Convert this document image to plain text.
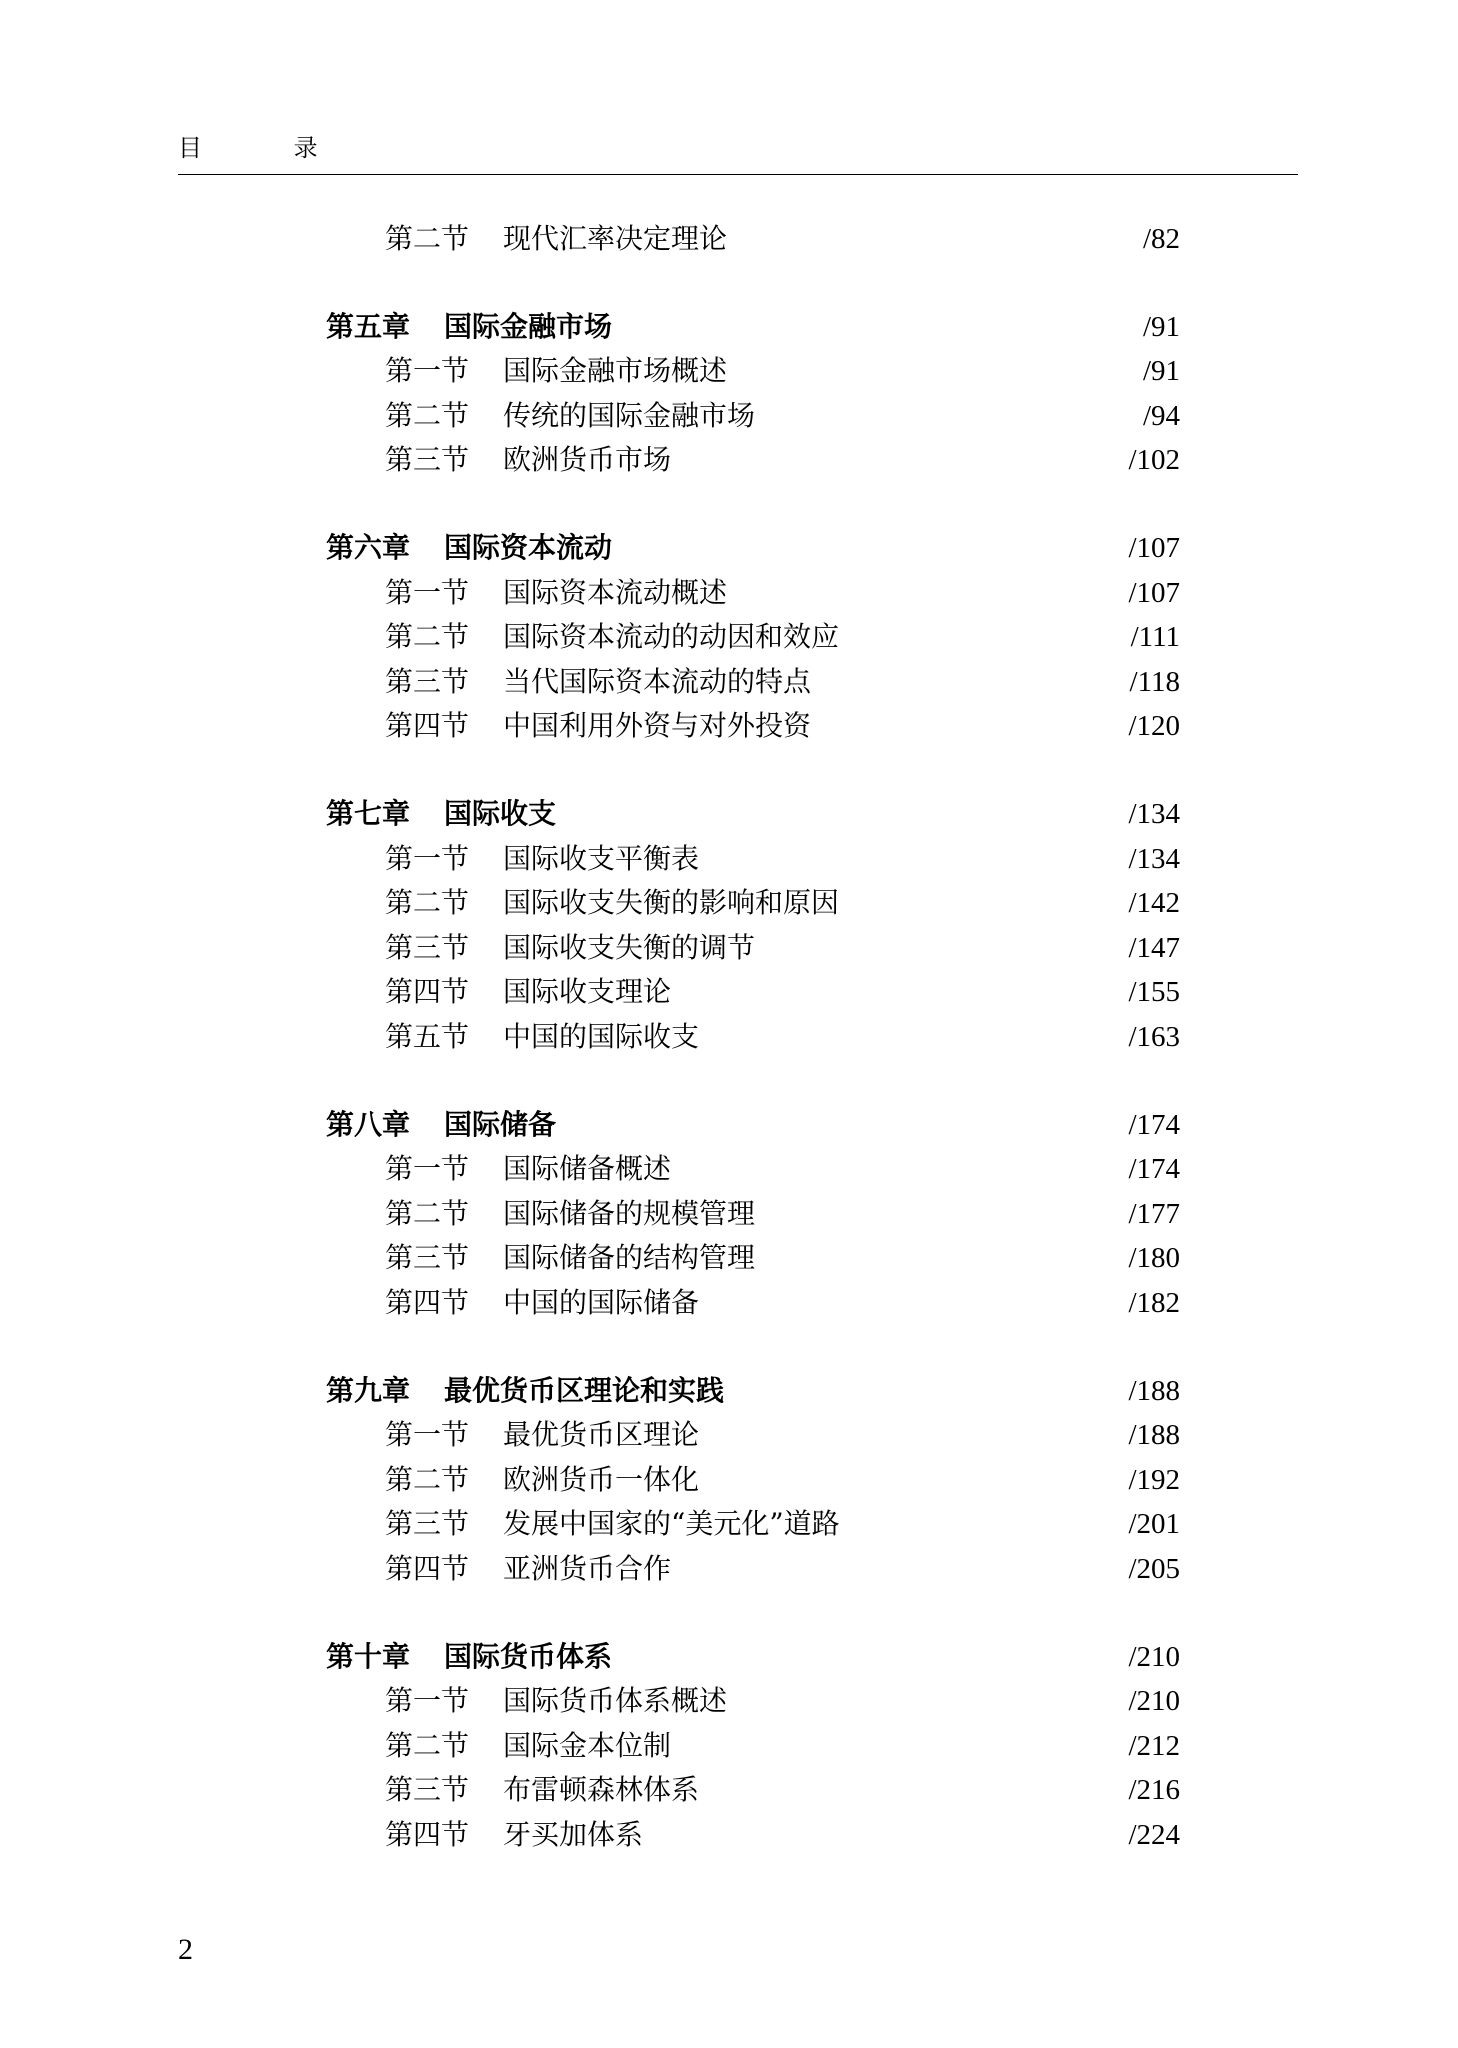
目 录
第二节 现代汇率决定理论	/82
第五章 国际金融市场	/91
第一节 国际金融市场概述	/91
第二节 传统的国际金融市场	/94
第三节 欧洲货币市场	/102
第六章 国际资本流动	/107
第一节 国际资本流动概述	/107
第二节 国际资本流动的动因和效应	/111
第三节 当代国际资本流动的特点	/118
第四节 中国利用外资与对外投资	/120
第七章 国际收支	/134
第一节 国际收支平衡表	/134
第二节 国际收支失衡的影响和原因	/142
第三节 国际收支失衡的调节	/147
第四节 国际收支理论	/155
第五节 中国的国际收支	/163
第八章 国际储备	/174
第一节 国际储备概述	/174
第二节 国际储备的规模管理	/177
第三节 国际储备的结构管理	/180
第四节 中国的国际储备	/182
第九章 最优货币区理论和实践	/188
第一节 最优货币区理论	/188
第二节 欧洲货币一体化	/192
第三节 发展中国家的“美元化”道路	/201
第四节 亚洲货币合作	/205
第十章 国际货币体系	/210
第一节 国际货币体系概述	/210
第二节 国际金本位制	/212
第三节 布雷顿森林体系	/216
第四节 牙买加体系	/224
2
